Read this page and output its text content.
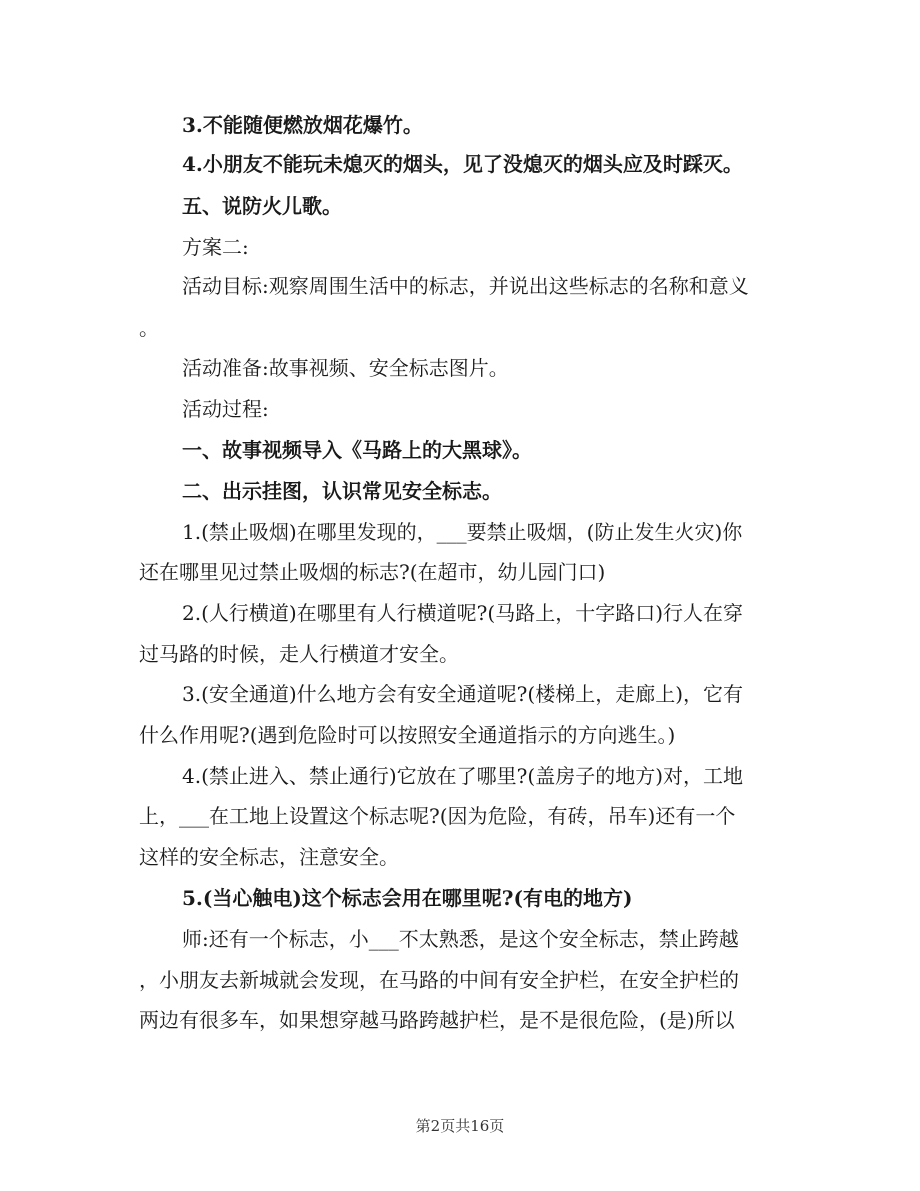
3.不能随便燃放烟花爆竹。
4.小朋友不能玩未熄灭的烟头，见了没熄灭的烟头应及时踩灭。
五、说防火儿歌。
方案二:
活动目标:观察周围生活中的标志，并说出这些标志的名称和意义
。
活动准备:故事视频、安全标志图片。
活动过程:
一、故事视频导入《马路上的大黑球》。
二、出示挂图，认识常见安全标志。
1.(禁止吸烟)在哪里发现的，___要禁止吸烟，(防止发生火灾)你
还在哪里见过禁止吸烟的标志?(在超市，幼儿园门口)
2.(人行横道)在哪里有人行横道呢?(马路上，十字路口)行人在穿
过马路的时候，走人行横道才安全。
3.(安全通道)什么地方会有安全通道呢?(楼梯上，走廊上)，它有
什么作用呢?(遇到危险时可以按照安全通道指示的方向逃生。)
4.(禁止进入、禁止通行)它放在了哪里?(盖房子的地方)对，工地
上，___在工地上设置这个标志呢?(因为危险，有砖，吊车)还有一个
这样的安全标志，注意安全。
5.(当心触电)这个标志会用在哪里呢?(有电的地方)
师:还有一个标志，小___不太熟悉，是这个安全标志，禁止跨越
，小朋友去新城就会发现，在马路的中间有安全护栏，在安全护栏的
两边有很多车，如果想穿越马路跨越护栏，是不是很危险，(是)所以
第2页共16页
